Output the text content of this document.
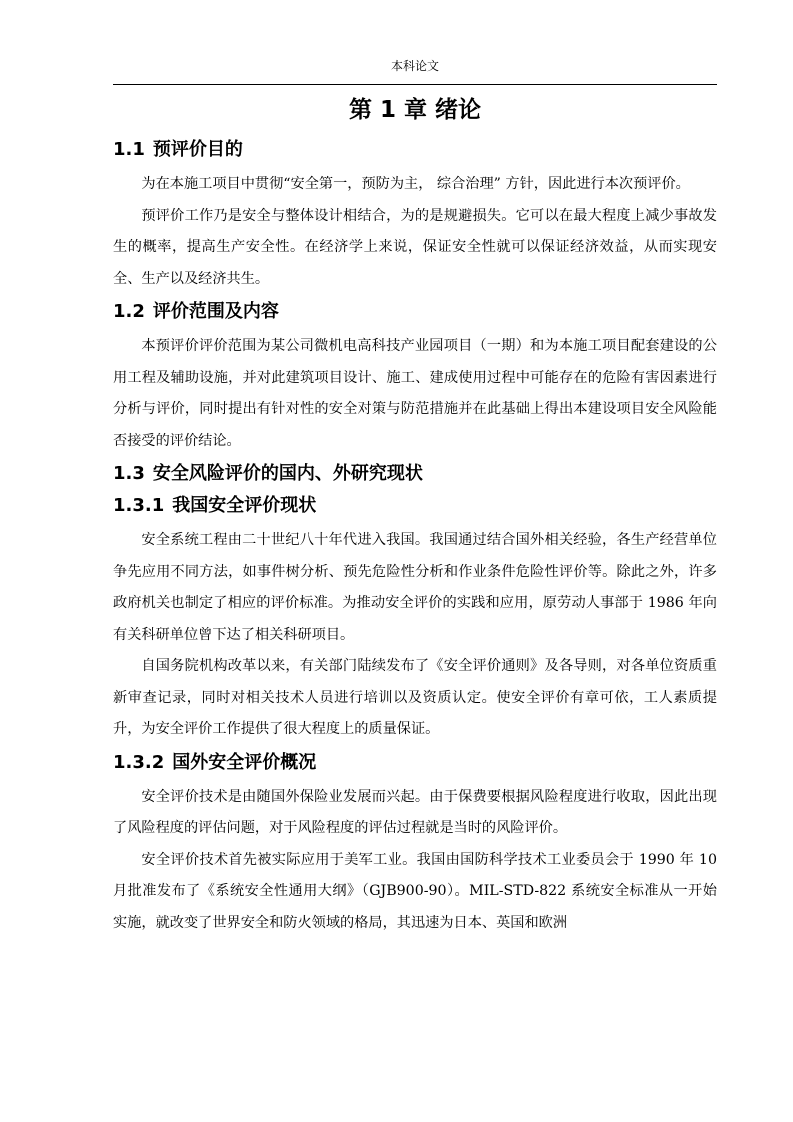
本科论文
第 1 章 绪论
1.1 预评价目的

为在本施工项目中贯彻“安全第一，预防为主， 综合治理” 方针，因此进行本次预评价。

预评价工作乃是安全与整体设计相结合，为的是规避损失。它可以在最大程度上减少事故发生的概率，提高生产安全性。在经济学上来说，保证安全性就可以保证经济效益，从而实现安全、生产以及经济共生。

1.2 评价范围及内容

本预评价评价范围为某公司微机电高科技产业园项目（一期）和为本施工项目配套建设的公用工程及辅助设施，并对此建筑项目设计、施工、建成使用过程中可能存在的危险有害因素进行分析与评价，同时提出有针对性的安全对策与防范措施并在此基础上得出本建设项目安全风险能否接受的评价结论。

1.3 安全风险评价的国内、外研究现状
1.3.1 我国安全评价现状

安全系统工程由二十世纪八十年代进入我国。我国通过结合国外相关经验，各生产经营单位争先应用不同方法，如事件树分析、预先危险性分析和作业条件危险性评价等。除此之外，许多政府机关也制定了相应的评价标准。为推动安全评价的实践和应用，原劳动人事部于 1986 年向有关科研单位曾下达了相关科研项目。

自国务院机构改革以来，有关部门陆续发布了《安全评价通则》及各导则，对各单位资质重新审查记录，同时对相关技术人员进行培训以及资质认定。使安全评价有章可依，工人素质提升，为安全评价工作提供了很大程度上的质量保证。

1.3.2 国外安全评价概况

安全评价技术是由随国外保险业发展而兴起。由于保费要根据风险程度进行收取，因此出现了风险程度的评估问题，对于风险程度的评估过程就是当时的风险评价。

安全评价技术首先被实际应用于美军工业。我国由国防科学技术工业委员会于 1990 年 10 月批准发布了《系统安全性通用大纲》（GJB900-90）。MIL-STD-822 系统安全标准从一开始实施，就改变了世界安全和防火领域的格局，其迅速为日本、英国和欧洲
